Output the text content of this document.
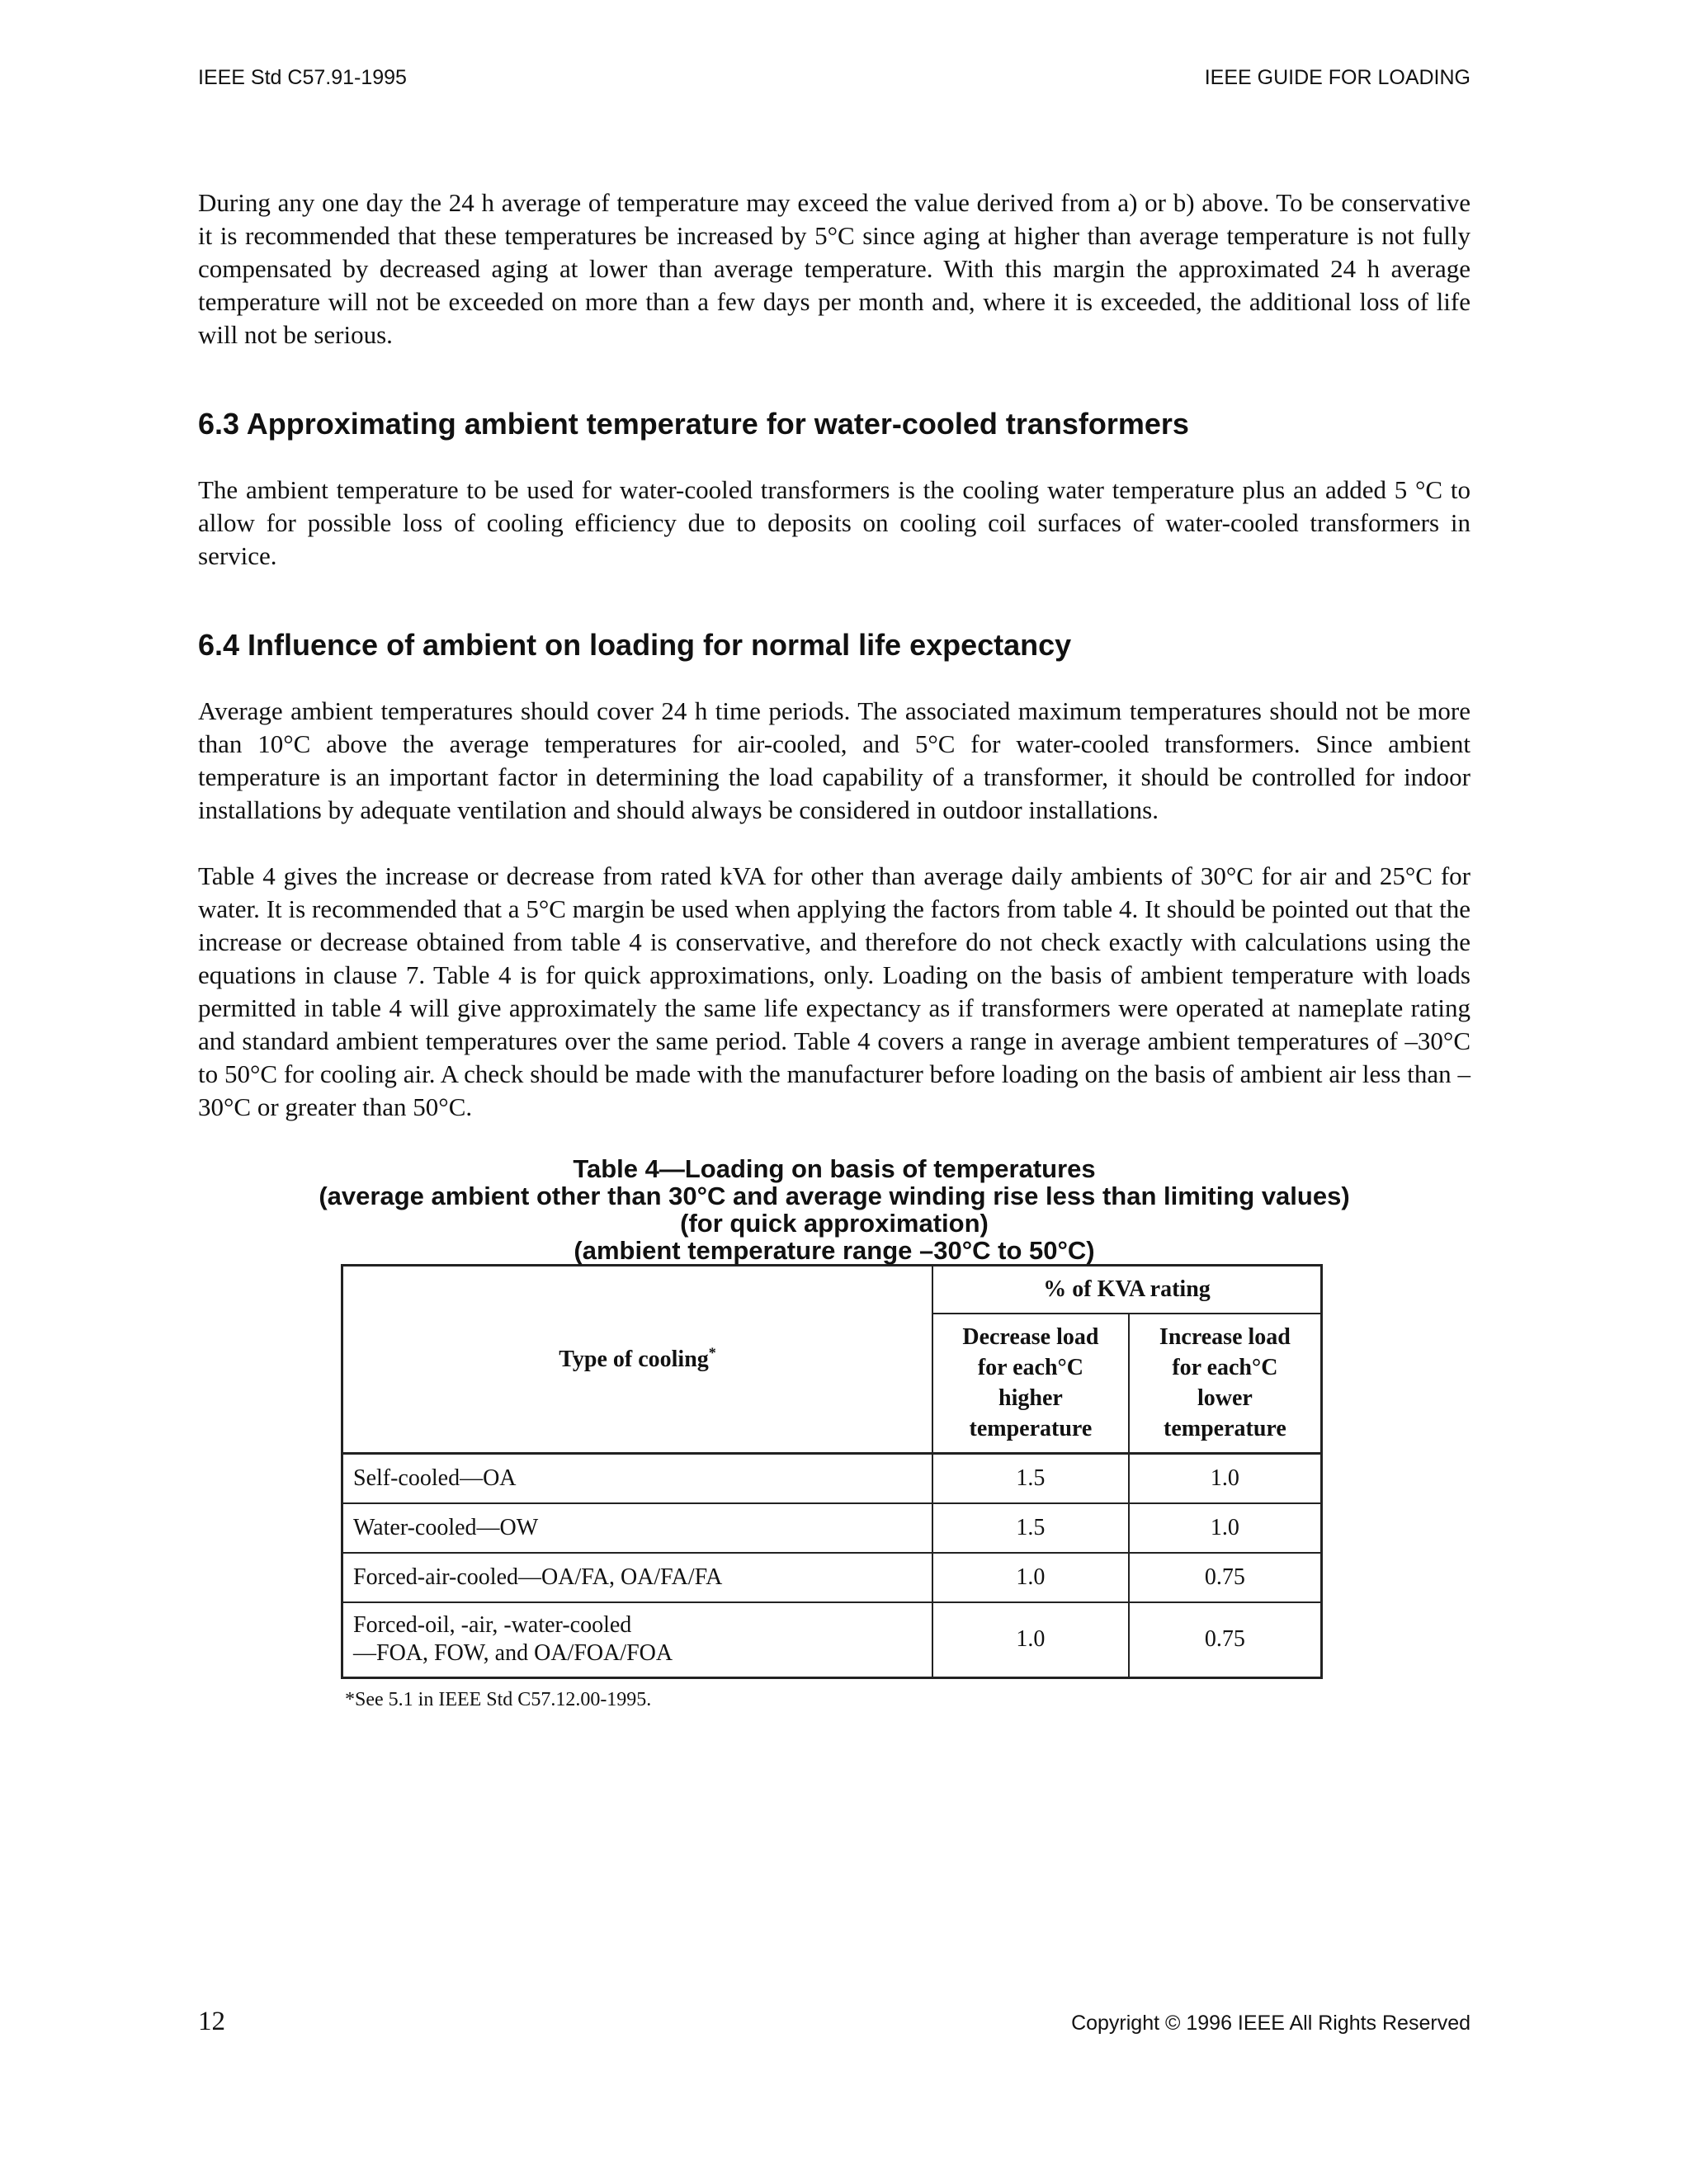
IEEE Std C57.91-1995	IEEE GUIDE FOR LOADING

During any one day the 24 h average of temperature may exceed the value derived from a) or b) above. To be conservative it is recommended that these temperatures be increased by 5°C since aging at higher than average temperature is not fully compensated by decreased aging at lower than average temperature. With this margin the approximated 24 h average temperature will not be exceeded on more than a few days per month and, where it is exceeded, the additional loss of life will not be serious.

6.3 Approximating ambient temperature for water-cooled transformers

The ambient temperature to be used for water-cooled transformers is the cooling water temperature plus an added 5 °C to allow for possible loss of cooling efficiency due to deposits on cooling coil surfaces of water-cooled transformers in service.

6.4 Influence of ambient on loading for normal life expectancy

Average ambient temperatures should cover 24 h time periods. The associated maximum temperatures should not be more than 10°C above the average temperatures for air-cooled, and 5°C for water-cooled transformers. Since ambient temperature is an important factor in determining the load capability of a transformer, it should be controlled for indoor installations by adequate ventilation and should always be considered in outdoor installations.

Table 4 gives the increase or decrease from rated kVA for other than average daily ambients of 30°C for air and 25°C for water. It is recommended that a 5°C margin be used when applying the factors from table 4. It should be pointed out that the increase or decrease obtained from table 4 is conservative, and therefore do not check exactly with calculations using the equations in clause 7. Table 4 is for quick approximations, only. Loading on the basis of ambient temperature with loads permitted in table 4 will give approximately the same life expectancy as if transformers were operated at nameplate rating and standard ambient temperatures over the same period. Table 4 covers a range in average ambient temperatures of –30°C to 50°C for cooling air. A check should be made with the manufacturer before loading on the basis of ambient air less than –30°C or greater than 50°C.

Table 4—Loading on basis of temperatures

(average ambient other than 30°C and average winding rise less than limiting values)

(for quick approximation)

(ambient temperature range –30°C to 50°C)

Type of cooling*	% of KVA rating	
	Decrease load
for each°C
higher
temperature	Increase load
for each°C
lower
temperature
Self-cooled—OA	1.5	1.0
Water-cooled—OW	1.5	1.0
Forced-air-cooled—OA/FA, OA/FA/FA	1.0	0.75
Forced-oil, -air, -water-cooled
—FOA, FOW, and OA/FOA/FOA	1.0	0.75
*See 5.1 in IEEE Std C57.12.00-1995.
12	Copyright © 1996 IEEE All Rights Reserved
